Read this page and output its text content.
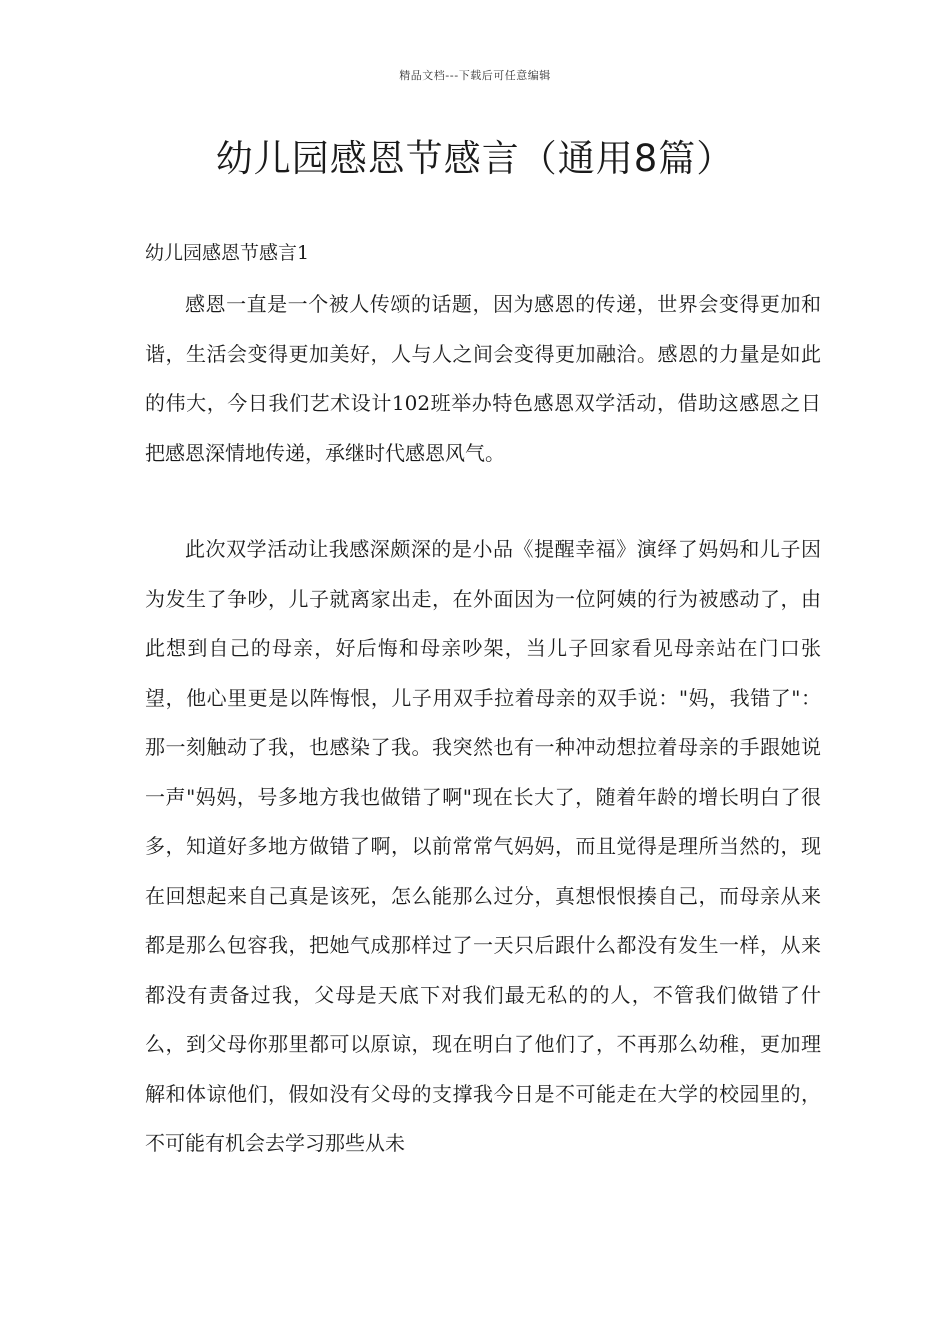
精品文档---下载后可任意编辑
幼儿园感恩节感言（通用8篇）
幼儿园感恩节感言1

感恩一直是一个被人传颂的话题，因为感恩的传递，世界会变得更加和谐，生活会变得更加美好，人与人之间会变得更加融洽。感恩的力量是如此的伟大，今日我们艺术设计102班举办特色感恩双学活动，借助这感恩之日把感恩深情地传递，承继时代感恩风气。

此次双学活动让我感深颇深的是小品《提醒幸福》演绎了妈妈和儿子因为发生了争吵，儿子就离家出走，在外面因为一位阿姨的行为被感动了，由此想到自己的母亲，好后悔和母亲吵架，当儿子回家看见母亲站在门口张望，他心里更是以阵悔恨，儿子用双手拉着母亲的双手说："妈，我错了"：那一刻触动了我，也感染了我。我突然也有一种冲动想拉着母亲的手跟她说一声"妈妈，号多地方我也做错了啊"现在长大了，随着年龄的增长明白了很多，知道好多地方做错了啊，以前常常气妈妈，而且觉得是理所当然的，现在回想起来自己真是该死，怎么能那么过分，真想恨恨揍自己，而母亲从来都是那么包容我，把她气成那样过了一天只后跟什么都没有发生一样，从来都没有责备过我，父母是天底下对我们最无私的的人，不管我们做错了什么，到父母你那里都可以原谅，现在明白了他们了，不再那么幼稚，更加理解和体谅他们，假如没有父母的支撑我今日是不可能走在大学的校园里的，不可能有机会去学习那些从未
